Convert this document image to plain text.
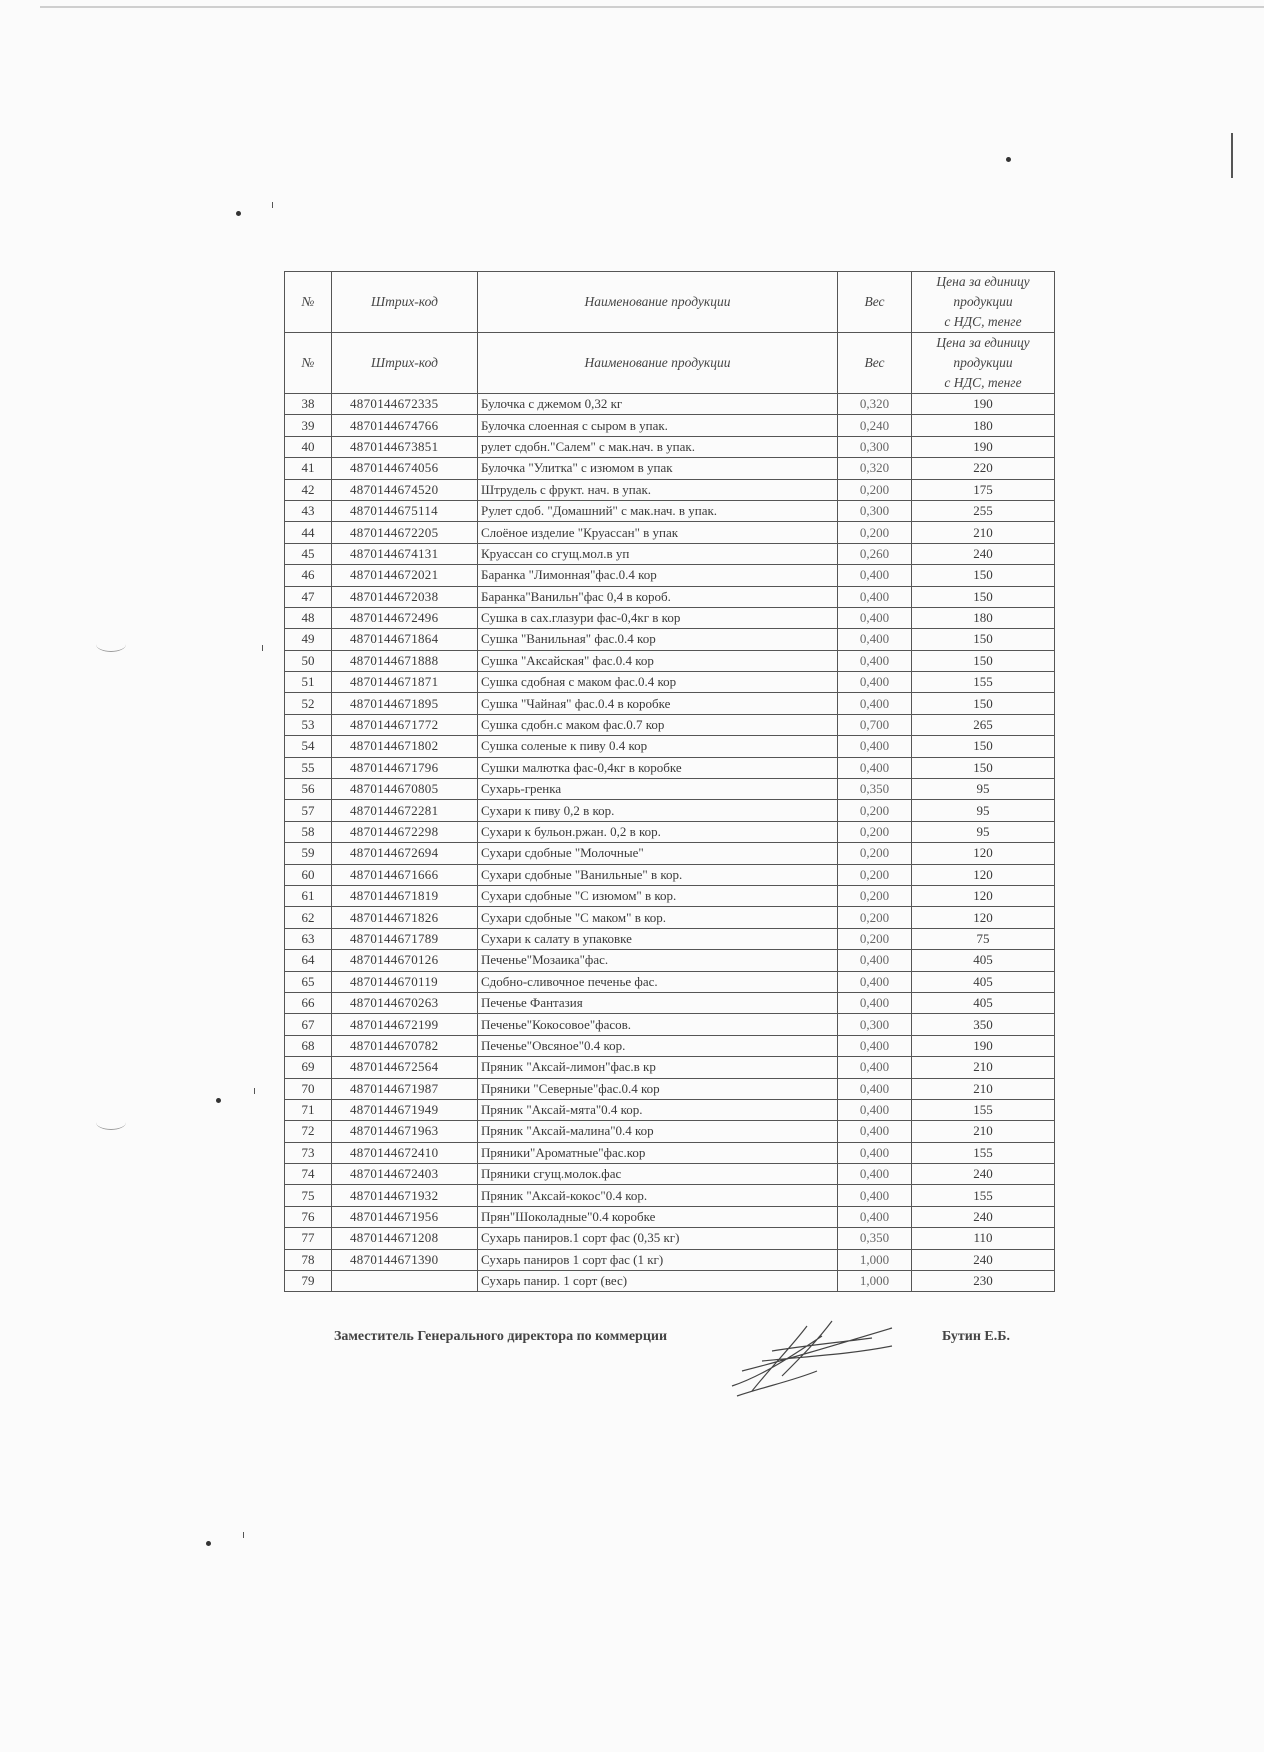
№	Штрих-код	Наименование продукции	Вес	Цена за единицу
продукции
с НДС, тенге
№	Штрих-код	Наименование продукции	Вес	Цена за единицу
продукции
с НДС, тенге
38	4870144672335	Булочка с джемом 0,32 кг	0,320	190
39	4870144674766	Булочка слоенная с сыром в упак.	0,240	180
40	4870144673851	рулет сдобн."Салем" с мак.нач. в упак.	0,300	190
41	4870144674056	Булочка "Улитка" с изюмом в упак	0,320	220
42	4870144674520	Штрудель с фрукт. нач. в упак.	0,200	175
43	4870144675114	Рулет сдоб. "Домашний" с мак.нач. в упак.	0,300	255
44	4870144672205	Слоёное изделие "Круассан" в упак	0,200	210
45	4870144674131	Круассан со сгущ.мол.в уп	0,260	240
46	4870144672021	Баранка "Лимонная"фас.0.4 кор	0,400	150
47	4870144672038	Баранка"Ванильн"фас 0,4 в короб.	0,400	150
48	4870144672496	Сушка в сах.глазури фас-0,4кг в кор	0,400	180
49	4870144671864	Сушка "Ванильная" фас.0.4 кор	0,400	150
50	4870144671888	Сушка "Аксайская" фас.0.4 кор	0,400	150
51	4870144671871	Сушка сдобная с маком фас.0.4 кор	0,400	155
52	4870144671895	Сушка "Чайная" фас.0.4 в коробке	0,400	150
53	4870144671772	Сушка сдобн.с маком фас.0.7 кор	0,700	265
54	4870144671802	Сушка соленые к пиву 0.4 кор	0,400	150
55	4870144671796	Сушки малютка фас-0,4кг в коробке	0,400	150
56	4870144670805	Сухарь-гренка	0,350	95
57	4870144672281	Сухари к пиву 0,2 в кор.	0,200	95
58	4870144672298	Сухари к бульон.ржан. 0,2 в кор.	0,200	95
59	4870144672694	Сухари сдобные "Молочные"	0,200	120
60	4870144671666	Сухари сдобные "Ванильные" в кор.	0,200	120
61	4870144671819	Сухари сдобные "С изюмом" в кор.	0,200	120
62	4870144671826	Сухари сдобные "С маком" в кор.	0,200	120
63	4870144671789	Сухари к салату в упаковке	0,200	75
64	4870144670126	Печенье"Мозаика"фас.	0,400	405
65	4870144670119	Сдобно-сливочное печенье фас.	0,400	405
66	4870144670263	Печенье Фантазия	0,400	405
67	4870144672199	Печенье"Кокосовое"фасов.	0,300	350
68	4870144670782	Печенье"Овсяное"0.4 кор.	0,400	190
69	4870144672564	Пряник "Аксай-лимон"фас.в кр	0,400	210
70	4870144671987	Пряники "Северные"фас.0.4 кор	0,400	210
71	4870144671949	Пряник "Аксай-мята"0.4 кор.	0,400	155
72	4870144671963	Пряник "Аксай-малина"0.4 кор	0,400	210
73	4870144672410	Пряники"Ароматные"фас.кор	0,400	155
74	4870144672403	Пряники сгущ.молок.фас	0,400	240
75	4870144671932	Пряник "Аксай-кокос"0.4 кор.	0,400	155
76	4870144671956	Прян"Шоколадные"0.4 коробке	0,400	240
77	4870144671208	Сухарь паниров.1 сорт фас (0,35 кг)	0,350	110
78	4870144671390	Сухарь паниров 1 сорт фас (1 кг)	1,000	240
79		Сухарь панир. 1 сорт (вес)	1,000	230
Заместитель Генерального директора по коммерции	Бутин Е.Б.
